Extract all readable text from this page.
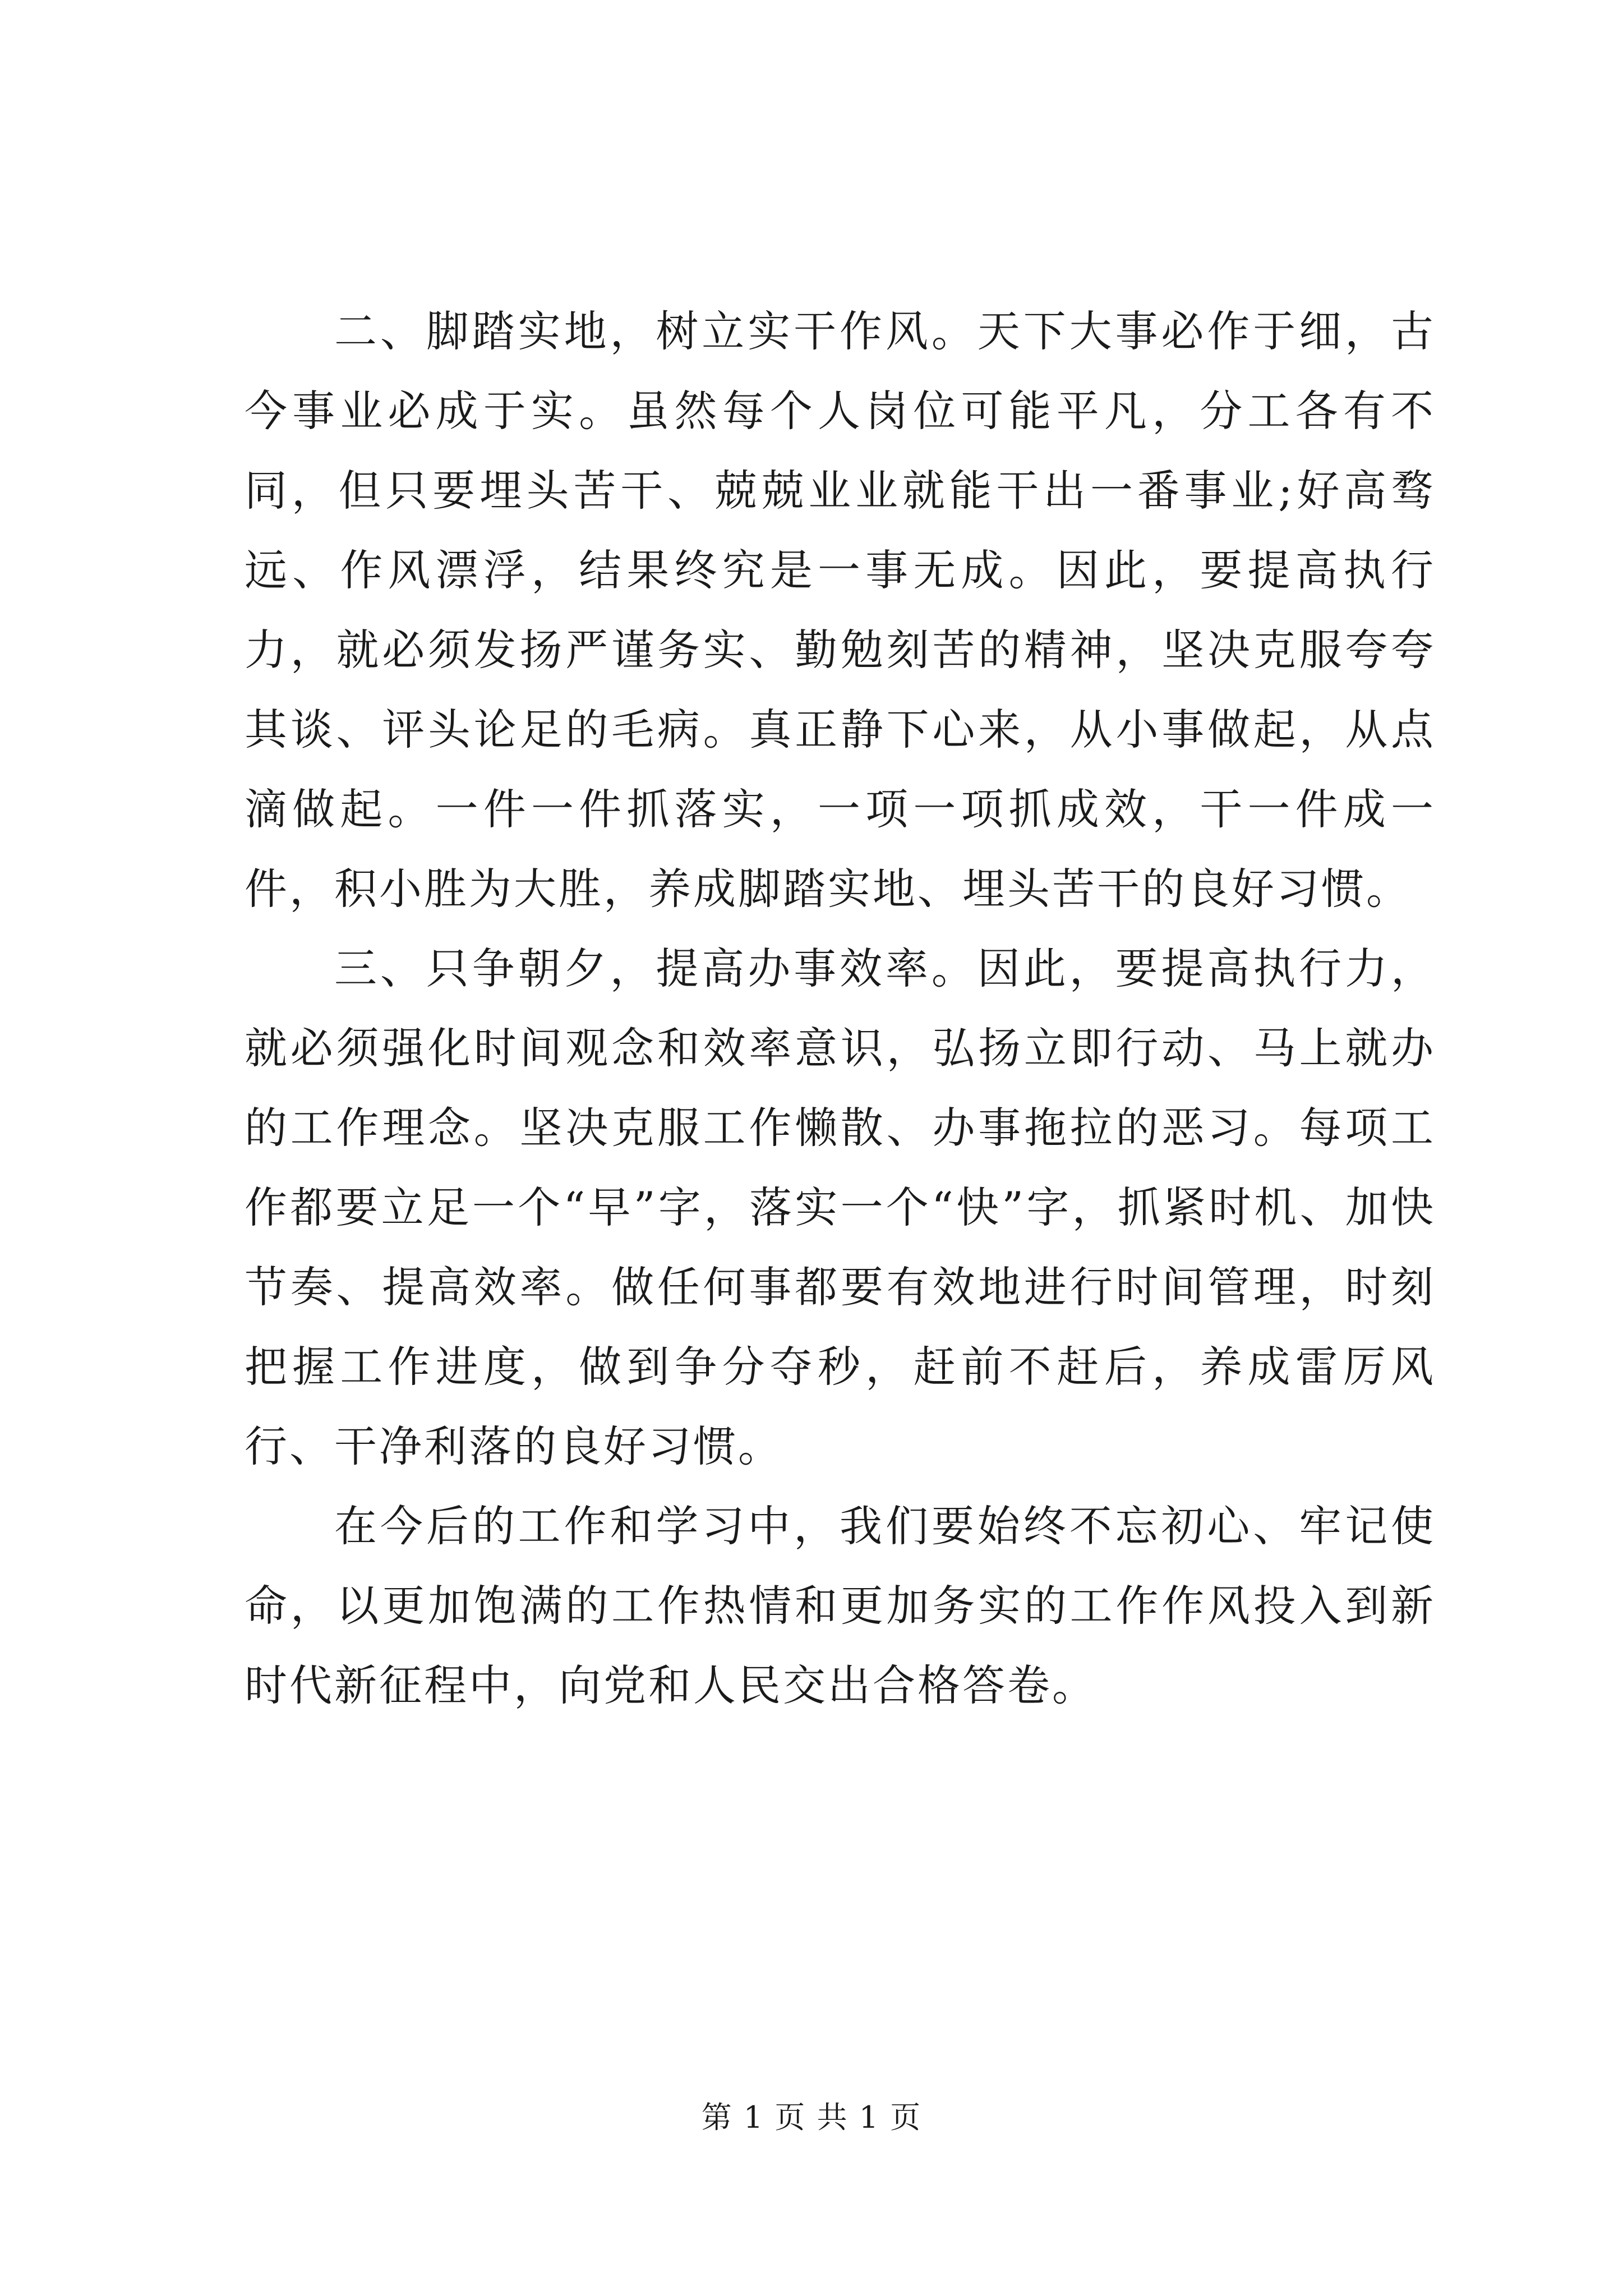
二、脚踏实地，树立实干作风。天下大事必作于细，古今事业必成于实。虽然每个人岗位可能平凡，分工各有不同，但只要埋头苦干、兢兢业业就能干出一番事业;好高骛远、作风漂浮，结果终究是一事无成。因此，要提高执行力，就必须发扬严谨务实、勤勉刻苦的精神，坚决克服夸夸其谈、评头论足的毛病。真正静下心来，从小事做起，从点滴做起。一件一件抓落实，一项一项抓成效，干一件成一件，积小胜为大胜，养成脚踏实地、埋头苦干的良好习惯。

三、只争朝夕，提高办事效率。因此，要提高执行力，就必须强化时间观念和效率意识，弘扬立即行动、马上就办的工作理念。坚决克服工作懒散、办事拖拉的恶习。每项工作都要立足一个“早”字，落实一个“快”字，抓紧时机、加快节奏、提高效率。做任何事都要有效地进行时间管理，时刻把握工作进度，做到争分夺秒，赶前不赶后，养成雷厉风行、干净利落的良好习惯。

在今后的工作和学习中，我们要始终不忘初心、牢记使命，以更加饱满的工作热情和更加务实的工作作风投入到新时代新征程中，向党和人民交出合格答卷。

第 1 页 共 1 页
